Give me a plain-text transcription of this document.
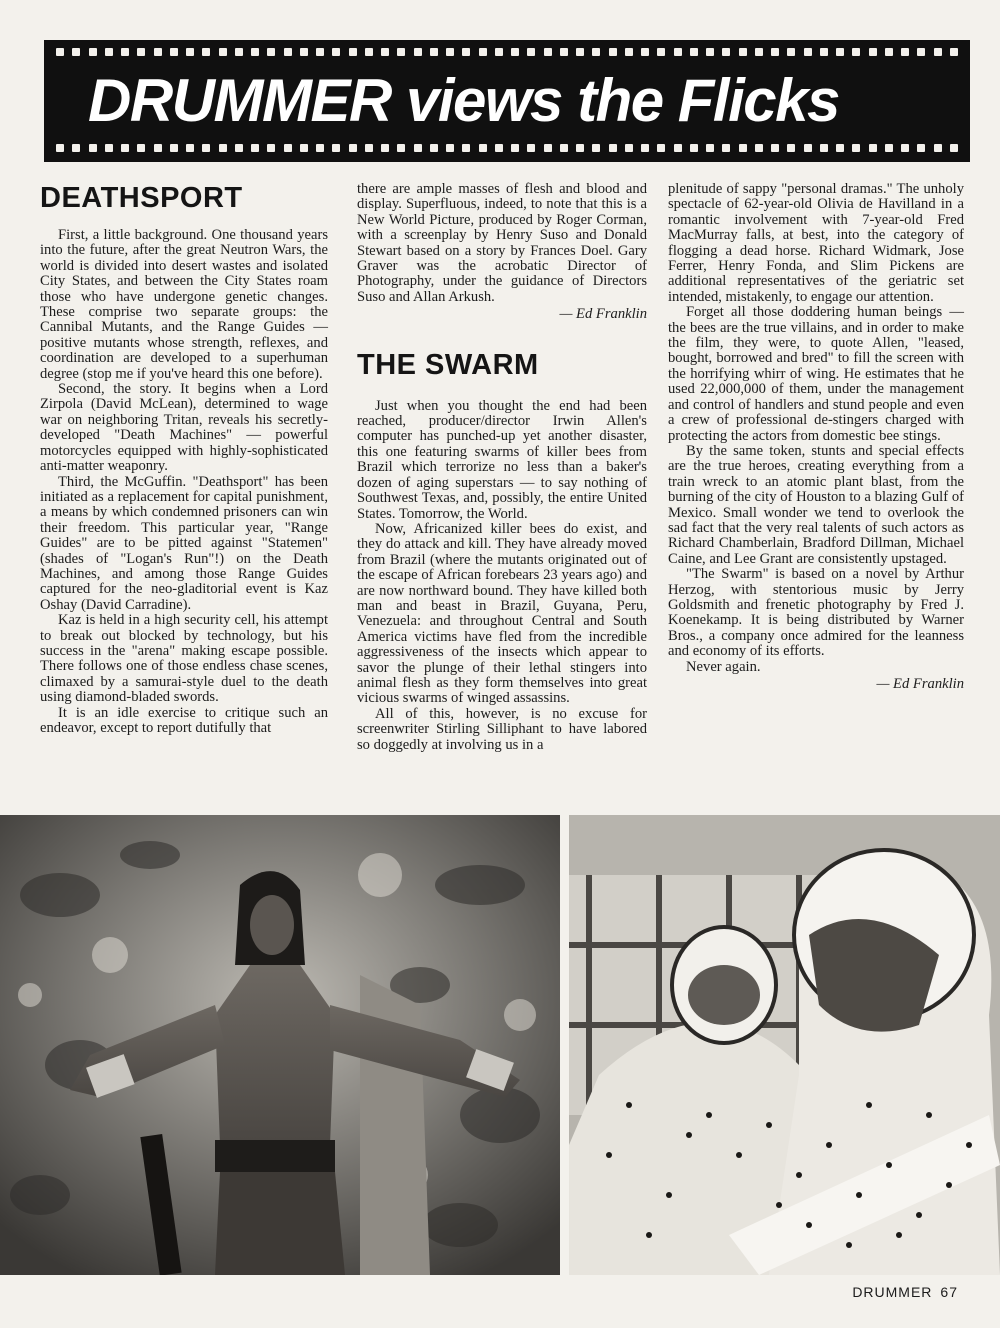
DRUMMER views the Flicks
DEATHSPORT

First, a little background. One thousand years into the future, after the great Neutron Wars, the world is divided into desert wastes and isolated City States, and between the City States roam those who have undergone genetic changes. These comprise two separate groups: the Cannibal Mutants, and the Range Guides — positive mutants whose strength, reflexes, and coordination are developed to a superhuman degree (stop me if you've heard this one before).

Second, the story. It begins when a Lord Zirpola (David McLean), determined to wage war on neighboring Tritan, reveals his secretly-developed "Death Machines" — powerful motorcycles equipped with highly-sophisticated anti-matter weaponry.

Third, the McGuffin. "Deathsport" has been initiated as a replacement for capital punishment, a means by which condemned prisoners can win their freedom. This particular year, "Range Guides" are to be pitted against "Statemen" (shades of "Logan's Run"!) on the Death Machines, and among those Range Guides captured for the neo-gladitorial event is Kaz Oshay (David Carradine).

Kaz is held in a high security cell, his attempt to break out blocked by technology, but his success in the "arena" making escape possible. There follows one of those endless chase scenes, climaxed by a samurai-style duel to the death using diamond-bladed swords.

It is an idle exercise to critique such an endeavor, except to report dutifully that

there are ample masses of flesh and blood and display. Superfluous, indeed, to note that this is a New World Picture, produced by Roger Corman, with a screenplay by Henry Suso and Donald Stewart based on a story by Frances Doel. Gary Graver was the acrobatic Director of Photography, under the guidance of Directors Suso and Allan Arkush.

— Ed Franklin

THE SWARM

Just when you thought the end had been reached, producer/director Irwin Allen's computer has punched-up yet another disaster, this one featuring swarms of killer bees from Brazil which terrorize no less than a baker's dozen of aging superstars — to say nothing of Southwest Texas, and, possibly, the entire United States. Tomorrow, the World.

Now, Africanized killer bees do exist, and they do attack and kill. They have already moved from Brazil (where the mutants originated out of the escape of African forebears 23 years ago) and are now northward bound. They have killed both man and beast in Brazil, Guyana, Peru, Venezuela: and throughout Central and South America victims have fled from the incredible aggressiveness of the insects which appear to savor the plunge of their lethal stingers into animal flesh as they form themselves into great vicious swarms of winged assassins.

All of this, however, is no excuse for screenwriter Stirling Silliphant to have labored so doggedly at involving us in a

plenitude of sappy "personal dramas." The unholy spectacle of 62-year-old Olivia de Havilland in a romantic involvement with 7-year-old Fred MacMurray falls, at best, into the category of flogging a dead horse. Richard Widmark, Jose Ferrer, Henry Fonda, and Slim Pickens are additional representatives of the geriatric set intended, mistakenly, to engage our attention.

Forget all those doddering human beings — the bees are the true villains, and in order to make the film, they were, to quote Allen, "leased, bought, borrowed and bred" to fill the screen with the horrifying whirr of wing. He estimates that he used 22,000,000 of them, under the management and control of handlers and stund people and even a crew of professional de-stingers charged with protecting the actors from domestic bee stings.

By the same token, stunts and special effects are the true heroes, creating everything from a train wreck to an atomic plant blast, from the burning of the city of Houston to a blazing Gulf of Mexico. Small wonder we tend to overlook the sad fact that the very real talents of such actors as Richard Chamberlain, Bradford Dillman, Michael Caine, and Lee Grant are consistently upstaged.

"The Swarm" is based on a novel by Arthur Herzog, with stentorious music by Jerry Goldsmith and frenetic photography by Fred J. Koenekamp. It is being distributed by Warner Bros., a company once admired for the leanness and economy of its efforts.

Never again.

— Ed Franklin

DRUMMER 67
